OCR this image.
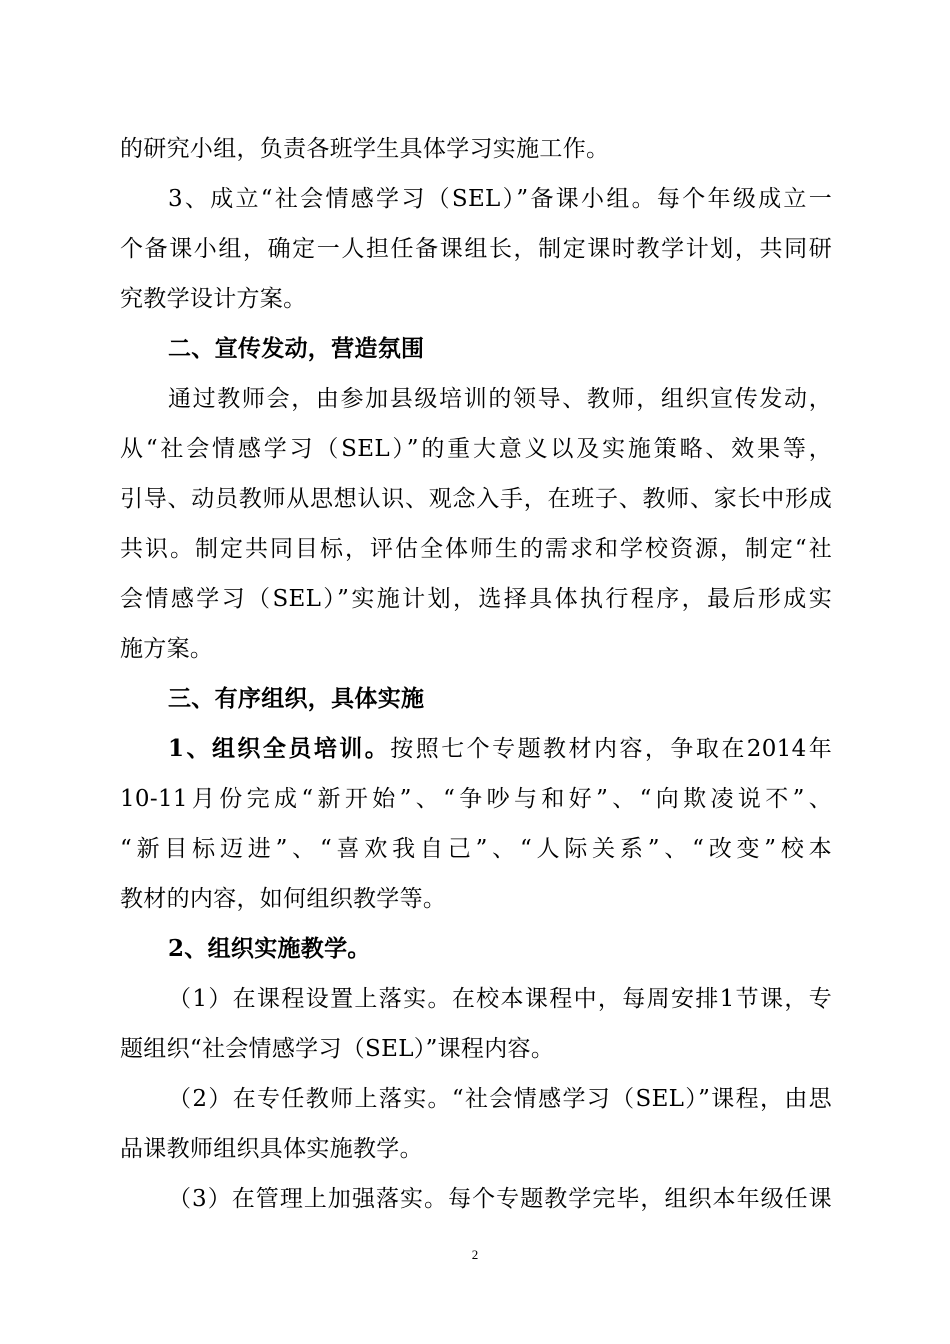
的研究小组，负责各班学生具体学习实施工作。
3、成立“社会情感学习（SEL）”备课小组。每个年级成立一
个备课小组，确定一人担任备课组长，制定课时教学计划，共同研
究教学设计方案。
二、宣传发动，营造氛围
通过教师会，由参加县级培训的领导、教师，组织宣传发动，
从“社会情感学习（SEL）”的重大意义以及实施策略、效果等，
引导、动员教师从思想认识、观念入手，在班子、教师、家长中形成
共识。制定共同目标，评估全体师生的需求和学校资源，制定“社
会情感学习（SEL）”实施计划，选择具体执行程序，最后形成实
施方案。
三、有序组织，具体实施
1、组织全员培训。按照七个专题教材内容，争取在2014年
10-11月份完成“新开始”、“争吵与和好”、“向欺凌说不”、
“新目标迈进”、“喜欢我自己”、“人际关系”、“改变”校本
教材的内容，如何组织教学等。
2、组织实施教学。
（1）在课程设置上落实。在校本课程中，每周安排1节课，专
题组织“社会情感学习（SEL）”课程内容。
（2）在专任教师上落实。“社会情感学习（SEL）”课程，由思
品课教师组织具体实施教学。
（3）在管理上加强落实。每个专题教学完毕，组织本年级任课
2
